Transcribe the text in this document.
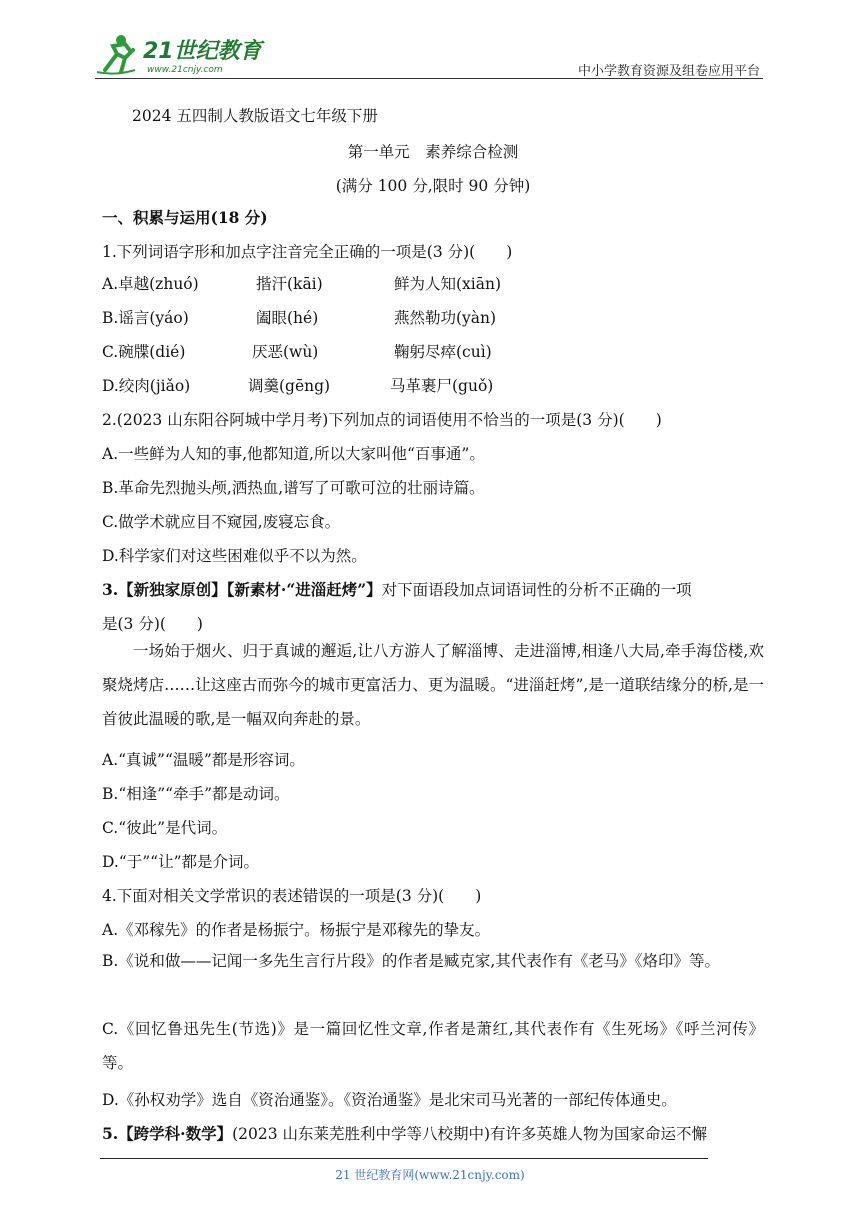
21世纪教育
www.21cnjy.com	中小学教育资源及组卷应用平台
2024 五四制人教版语文七年级下册
第一单元　素养综合检测
(满分 100 分,限时 90 分钟)
一、积累与运用(18 分)
1.下列词语字形和加点字注音完全正确的一项是(3 分)(　　)
A.卓越(zhuó)	揩汗(kāi)	鲜为人知(xiān)
B.谣言(yáo)	阖眼(hé)	燕然勒功(yàn)
C.碗牒(dié)	厌恶(wù)	鞠躬尽瘁(cuì)
D.绞肉(jiǎo)	调羹(gēng)	马革裹尸(guǒ)
2.(2023 山东阳谷阿城中学月考)下列加点的词语使用不恰当的一项是(3 分)(　　)
A.一些鲜为人知的事,他都知道,所以大家叫他“百事通”。
B.革命先烈抛头颅,洒热血,谱写了可歌可泣的壮丽诗篇。
C.做学术就应目不窥园,废寝忘食。
D.科学家们对这些困难似乎不以为然。
3.【新独家原创】【新素材·“进淄赶烤”】对下面语段加点词语词性的分析不正确的一项
是(3 分)(　　)
一场始于烟火、归于真诚的邂逅,让八方游人了解淄博、走进淄博,相逢八大局,牵手海岱楼,欢聚烧烤店……让这座古而弥今的城市更富活力、更为温暖。“进淄赶烤”,是一道联结缘分的桥,是一首彼此温暖的歌,是一幅双向奔赴的景。
A.“真诚”“温暖”都是形容词。
B.“相逢”“牵手”都是动词。
C.“彼此”是代词。
D.“于”“让”都是介词。
4.下面对相关文学常识的表述错误的一项是(3 分)(　　)
A.《邓稼先》的作者是杨振宁。杨振宁是邓稼先的挚友。
B.《说和做——记闻一多先生言行片段》的作者是臧克家,其代表作有《老马》《烙印》等。
C.《回忆鲁迅先生(节选)》是一篇回忆性文章,作者是萧红,其代表作有《生死场》《呼兰河传》等。
D.《孙权劝学》选自《资治通鉴》。《资治通鉴》是北宋司马光著的一部纪传体通史。
5.【跨学科·数学】(2023 山东莱芜胜利中学等八校期中)有许多英雄人物为国家命运不懈
21 世纪教育网(www.21cnjy.com)
